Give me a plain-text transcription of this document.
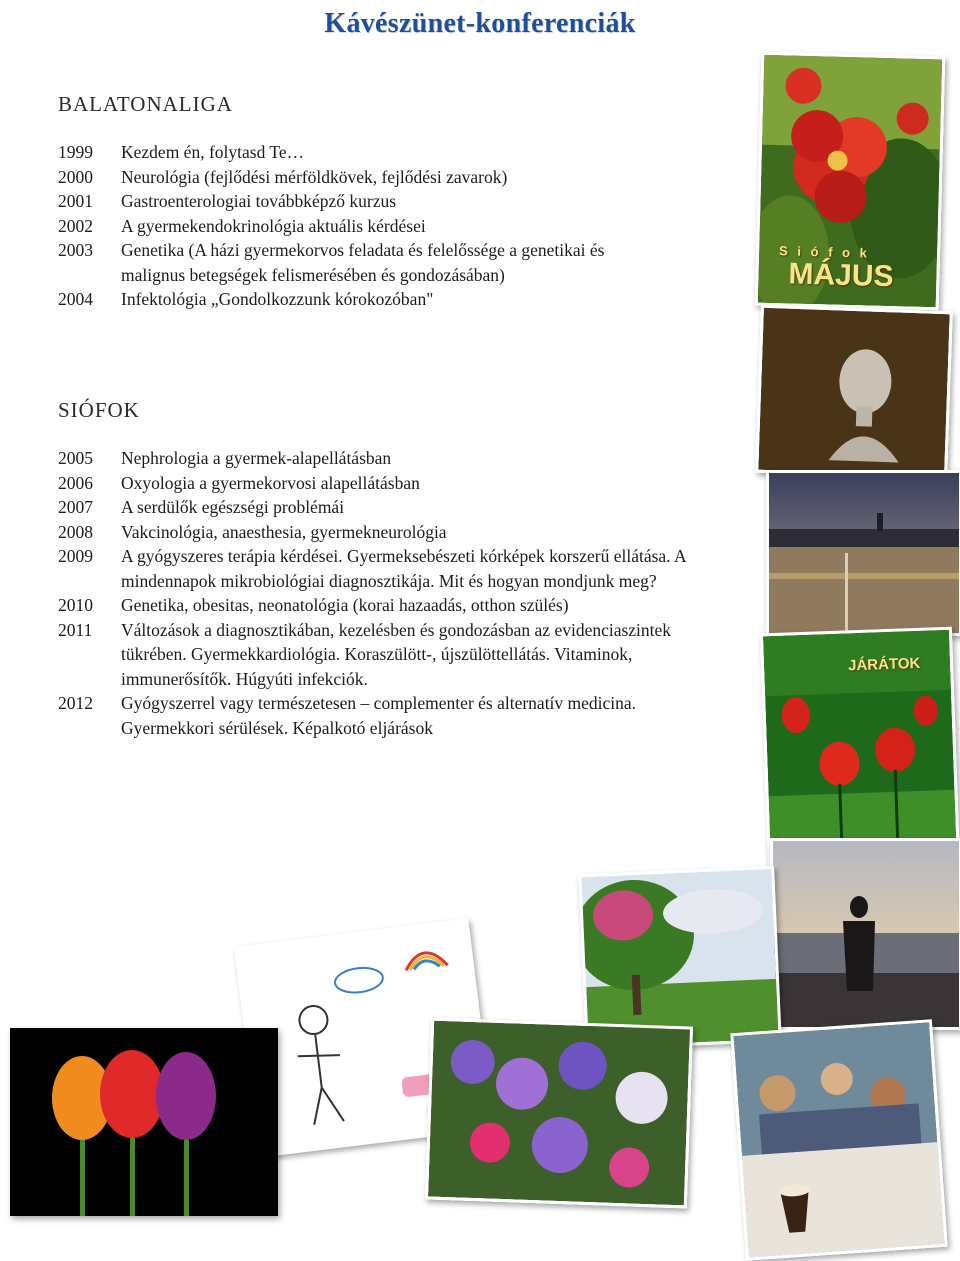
Kávészünet-konferenciák
BALATONALIGA
1999	Kezdem én, folytasd Te…
2000	Neurológia (fejlődési mérföldkövek, fejlődési zavarok)
2001	Gastroenterologiai továbbképző kurzus
2002	A gyermekendokrinológia aktuális kérdései
2003	Genetika (A házi gyermekorvos feladata és felelőssége a genetikai és malignus betegségek felismerésében és gondozásában)
2004	Infektológia „Gondolkozzunk kórokozóban"
SIÓFOK
2005	Nephrologia a gyermek-alapellátásban
2006	Oxyologia a gyermekorvosi alapellátásban
2007	A serdülők egészségi problémái
2008	Vakcinológia, anaesthesia, gyermekneurológia
2009	A gyógyszeres terápia kérdései. Gyermeksebészeti kórképek korszerű ellátása. A mindennapok mikrobiológiai diagnosztikája. Mit és hogyan mondjunk meg?
2010	Genetika, obesitas, neonatológia (korai hazaadás, otthon szülés)
2011	Változások a diagnosztikában, kezelésben és gondozásban az evidenciaszintek tükrében. Gyermekkardiológia. Koraszülött-, újszülöttellátás. Vitaminok, immunerősítők. Húgyúti infekciók.
2012	Gyógyszerrel vagy természetesen – complementer és alternatív medicina. Gyermekkori sérülések. Képalkotó eljárások
S i ó f o k
MÁJUS
JÁRÁTOK
